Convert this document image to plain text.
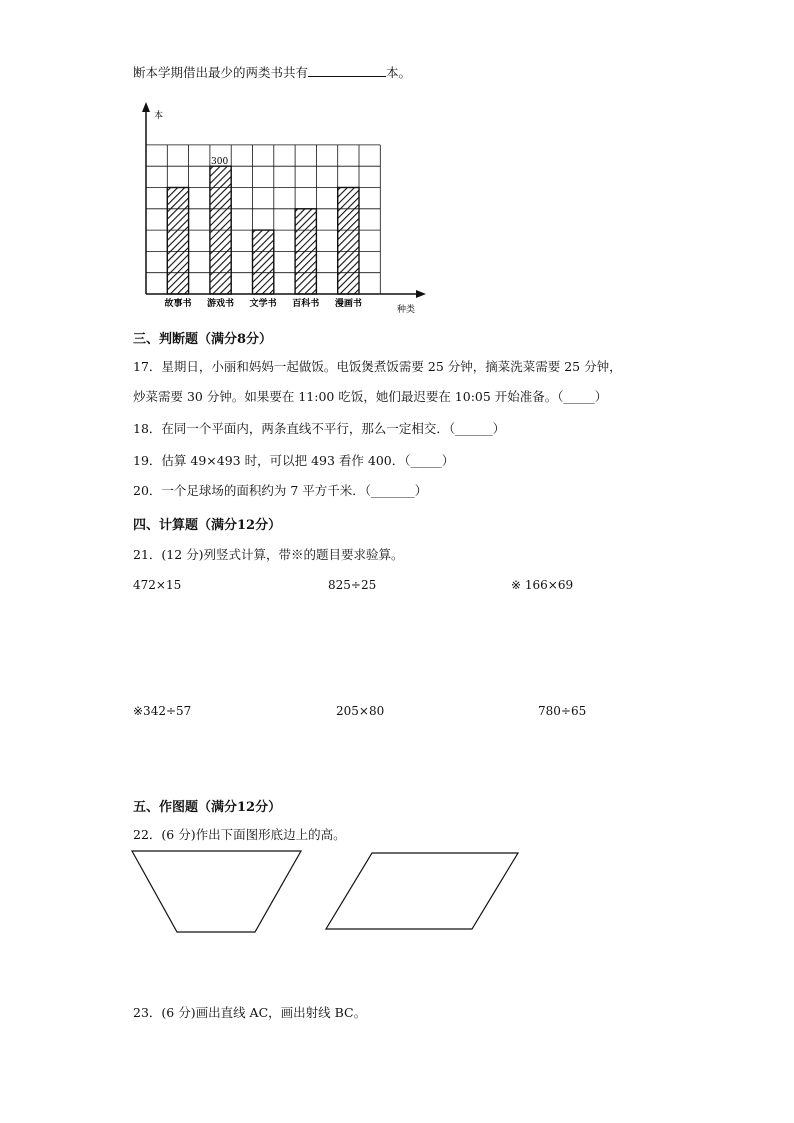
断本学期借出最少的两类书共有	本。
本
种类
300
故事书 游戏书 文学书 百科书 漫画书
三、判断题（满分8分）
17．星期日，小丽和妈妈一起做饭。电饭煲煮饭需要 25 分钟，摘菜洗菜需要 25 分钟，
炒菜需要 30 分钟。如果要在 11:00 吃饭，她们最迟要在 10:05 开始准备。（_____）
18．在同一个平面内，两条直线不平行，那么一定相交．（______）
19．估算 49×493 时，可以把 493 看作 400．（_____）
20．一个足球场的面积约为 7 平方千米．（_______）
四、计算题（满分12分）
21．(12 分)列竖式计算，带※的题目要求验算。
472×15	825÷25	※ 166×69
※342÷57	205×80	780÷65
五、作图题（满分12分）
22．(6 分)作出下面图形底边上的高。
23．(6 分)画出直线 AC，画出射线 BC。
